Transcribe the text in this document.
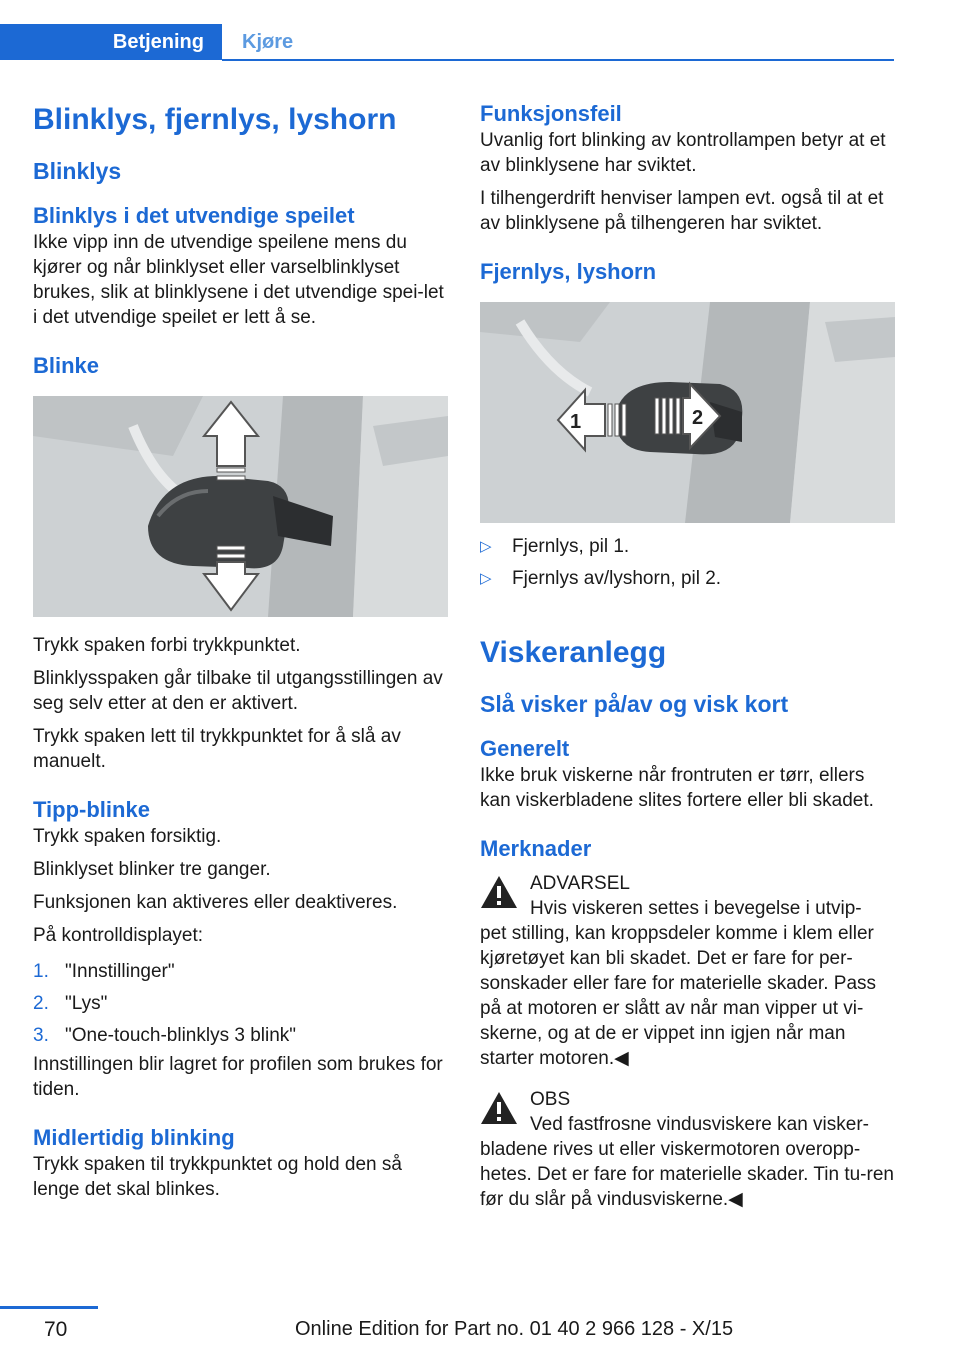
Betjening Kjøre
Blinklys, fjernlys, lyshorn
Blinklys
Blinklys i det utvendige speilet

Ikke vipp inn de utvendige speilene mens du kjører og når blinklyset eller varselblinklyset brukes, slik at blinklysene i det utvendige spei-let i det utvendige speilet er lett å se.

Blinke

Trykk spaken forbi trykkpunktet.

Blinklysspaken går tilbake til utgangsstillingen av seg selv etter at den er aktivert.

Trykk spaken lett til trykkpunktet for å slå av manuelt.

Tipp-blinke

Trykk spaken forsiktig.

Blinklyset blinker tre ganger.

Funksjonen kan aktiveres eller deaktiveres.

På kontrolldisplayet:

1. "Innstillinger"
2. "Lys"
3. "One-touch-blinklys 3 blink"

Innstillingen blir lagret for profilen som brukes for tiden.

Midlertidig blinking

Trykk spaken til trykkpunktet og hold den så lenge det skal blinkes.

Funksjonsfeil

Uvanlig fort blinking av kontrollampen betyr at et av blinklysene har sviktet.

I tilhengerdrift henviser lampen evt. også til at et av blinklysene på tilhengeren har sviktet.

Fjernlys, lyshorn
1	2
▷	Fjernlys, pil 1.
▷	Fjernlys av/lyshorn, pil 2.
Viskeranlegg
Slå visker på/av og visk kort
Generelt

Ikke bruk viskerne når frontruten er tørr, ellers kan viskerbladene slites fortere eller bli skadet.

Merknader

ADVARSEL

Hvis viskeren settes i bevegelse i utvip-

pet stilling, kan kroppsdeler komme i klem eller kjøretøyet kan bli skadet. Det er fare for per-sonskader eller fare for materielle skader. Pass på at motoren er slått av når man vipper ut vi-skerne, og at de er vippet inn igjen når man starter motoren.◀

OBS

Ved fastfrosne vindusviskere kan visker-

bladene rives ut eller viskermotoren overopp-hetes. Det er fare for materielle skader. Tin tu-ren før du slår på vindusviskerne.◀

70	Online Edition for Part no. 01 40 2 966 128 - X/15
